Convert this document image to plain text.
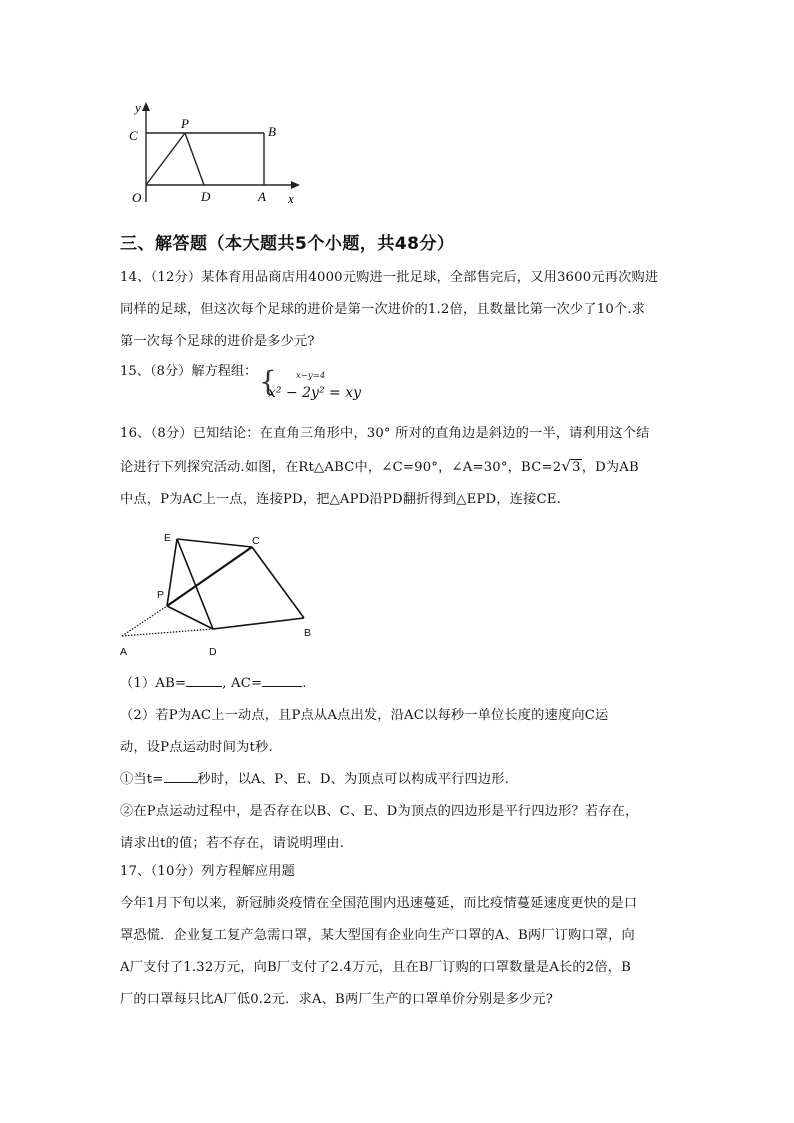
y
C
P
B
O	D	A x
三、解答题（本大题共5个小题，共48分）
14、（12分）某体育用品商店用4000元购进一批足球，全部售完后，又用3600元再次购进
同样的足球，但这次每个足球的进价是第一次进价的1.2倍，且数量比第一次少了10个.求
第一次每个足球的进价是多少元?
15、（8分）解方程组： { x−y=4
x² − 2y² = xy
16、（8分）已知结论：在直角三角形中，30° 所对的直角边是斜边的一半，请利用这个结
论进行下列探究活动.如图，在Rt△ABC中，∠C=90°，∠A=30°，BC=2√3，D为AB
中点，P为AC上一点，连接PD，把△APD沿PD翻折得到△EPD，连接CE.
E	C
P
A	D
B
（1）AB=	, AC=	.
（2）若P为AC上一动点，且P点从A点出发，沿AC以每秒一单位长度的速度向C运
动，设P点运动时间为t秒.
①当t=	秒时，以A、P、E、D、为顶点可以构成平行四边形.
②在P点运动过程中，是否存在以B、C、E、D为顶点的四边形是平行四边形？若存在，
请求出t的值；若不存在，请说明理由.
17、（10分）列方程解应用题
今年1月下旬以来，新冠肺炎疫情在全国范围内迅速蔓延，而比疫情蔓延速度更快的是口
罩恐慌．企业复工复产急需口罩，某大型国有企业向生产口罩的A、B两厂订购口罩，向
A厂支付了1.32万元，向B厂支付了2.4万元，且在B厂订购的口罩数量是A长的2倍，B
厂的口罩每只比A厂低0.2元．求A、B两厂生产的口罩单价分别是多少元?
